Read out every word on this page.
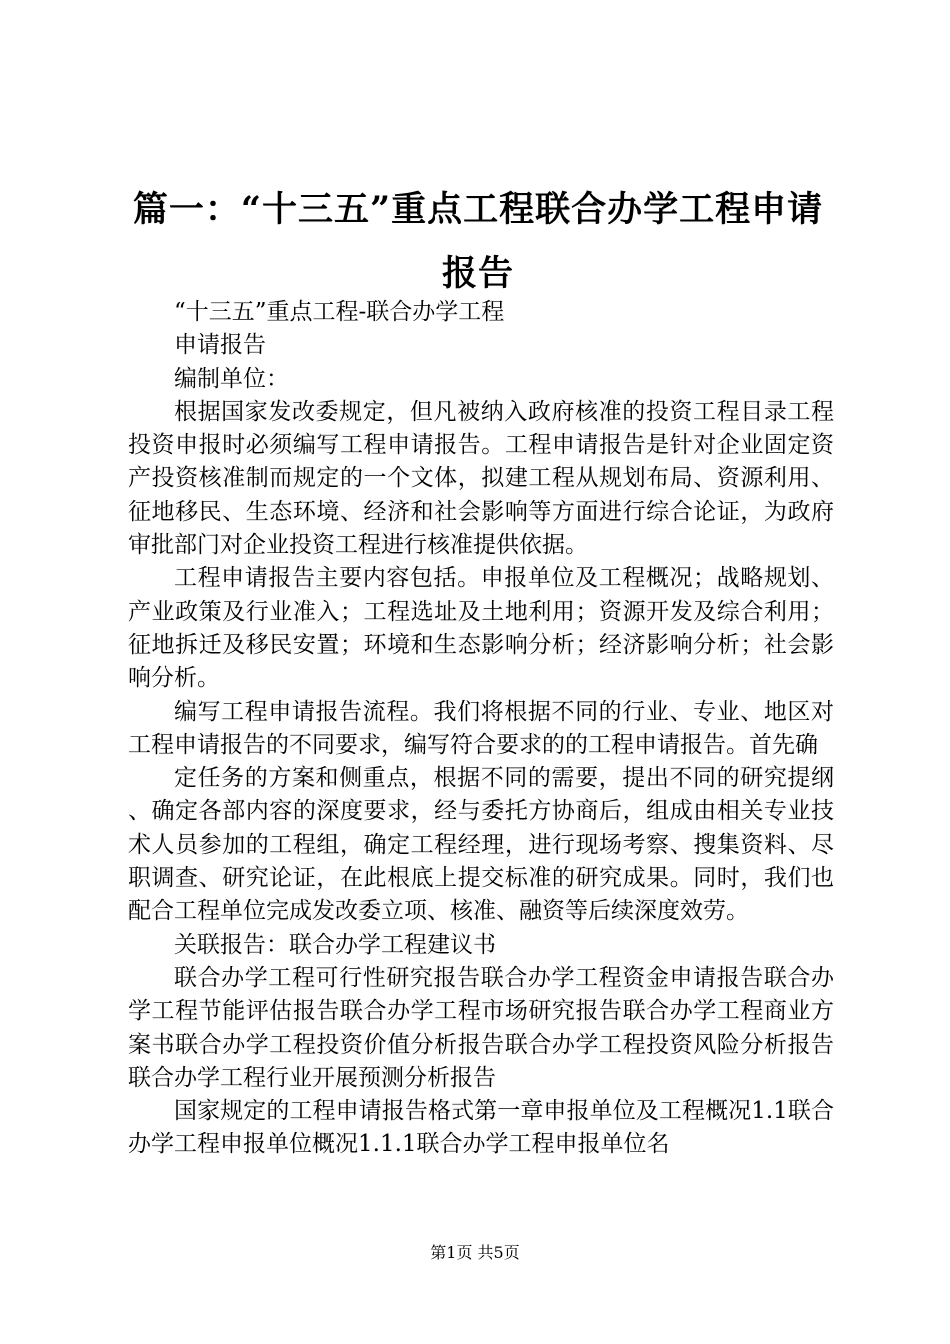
篇一：“十三五”重点工程联合办学工程申请报告

“十三五”重点工程-联合办学工程

申请报告

编制单位：

根据国家发改委规定，但凡被纳入政府核准的投资工程目录工程投资申报时必须编写工程申请报告。工程申请报告是针对企业固定资产投资核准制而规定的一个文体，拟建工程从规划布局、资源利用、征地移民、生态环境、经济和社会影响等方面进行综合论证，为政府审批部门对企业投资工程进行核准提供依据。

工程申请报告主要内容包括。申报单位及工程概况；战略规划、产业政策及行业准入；工程选址及土地利用；资源开发及综合利用；征地拆迁及移民安置；环境和生态影响分析；经济影响分析；社会影响分析。

编写工程申请报告流程。我们将根据不同的行业、专业、地区对工程申请报告的不同要求，编写符合要求的的工程申请报告。首先确

定任务的方案和侧重点，根据不同的需要，提出不同的研究提纲、确定各部内容的深度要求，经与委托方协商后，组成由相关专业技术人员参加的工程组，确定工程经理，进行现场考察、搜集资料、尽职调查、研究论证，在此根底上提交标准的研究成果。同时，我们也配合工程单位完成发改委立项、核准、融资等后续深度效劳。

关联报告：联合办学工程建议书

联合办学工程可行性研究报告联合办学工程资金申请报告联合办学工程节能评估报告联合办学工程市场研究报告联合办学工程商业方案书联合办学工程投资价值分析报告联合办学工程投资风险分析报告联合办学工程行业开展预测分析报告

国家规定的工程申请报告格式第一章申报单位及工程概况1.1联合办学工程申报单位概况1.1.1联合办学工程申报单位名

第1页 共5页
